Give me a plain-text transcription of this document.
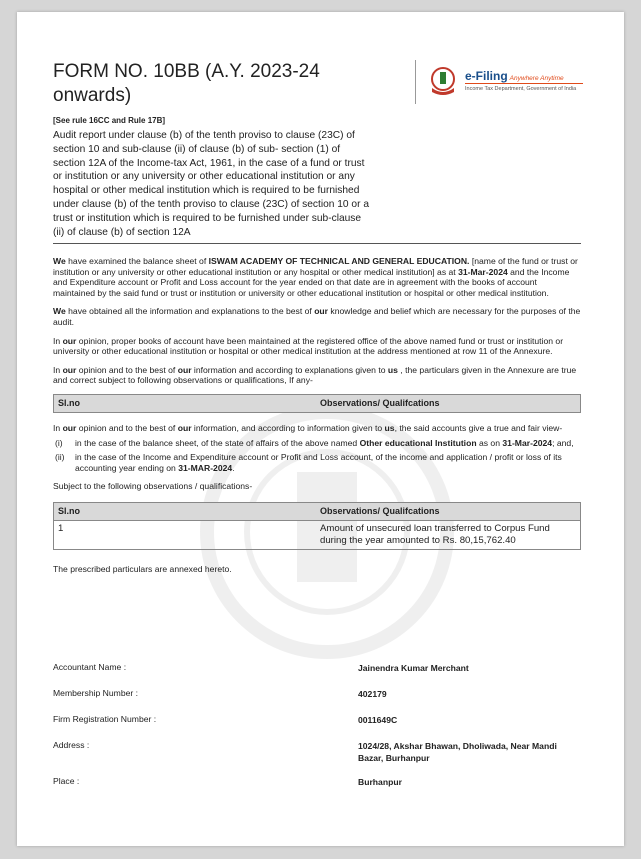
FORM NO. 10BB (A.Y. 2023-24 onwards)
[See rule 16CC and Rule 17B]
Audit report under clause (b) of the tenth proviso to clause (23C) of section 10 and sub-clause (ii) of clause (b) of sub- section (1) of section 12A of the Income-tax Act, 1961, in the case of a fund or trust or institution or any university or other educational institution or any hospital or other medical institution which is required to be furnished under clause (b) of the tenth proviso to clause (23C) of section 10 or a trust or institution which is required to be furnished under sub-clause (ii) of clause (b) of section 12A
e-Filing Anywhere Anytime
Income Tax Department, Government of India

We have examined the balance sheet of ISWAM ACADEMY OF TECHNICAL AND GENERAL EDUCATION. [name of the fund or trust or institution or any university or other educational institution or any hospital or other medical institution] as at 31-Mar-2024 and the Income and Expenditure account or Profit and Loss account for the year ended on that date are in agreement with the books of account maintained by the said fund or trust or institution or university or other educational institution or hospital or other medical institution.

We have obtained all the information and explanations to the best of our knowledge and belief which are necessary for the purposes of the audit.

In our opinion, proper books of account have been maintained at the registered office of the above named fund or trust or institution or university or other educational institution or hospital or other medical institution at the address mentioned at row 11 of the Annexure.

In our opinion and to the best of our information and according to explanations given to us , the particulars given in the Annexure are true and correct subject to following observations or qualifications, If any-

Sl.no	Observations/ Qualifcations

In our opinion and to the best of our information, and according to information given to us, the said accounts give a true and fair view-

(i) in the case of the balance sheet, of the state of affairs of the above named Other educational Institution as on 31-Mar-2024; and,
(ii) in the case of the Income and Expenditure account or Profit and Loss account, of the income and application / profit or loss of its accounting year ending on 31-MAR-2024.

Subject to the following observations / qualifications-

Sl.no	Observations/ Qualifcations
1	Amount of unsecured loan transferred to Corpus Fund during the year amounted to Rs. 80,15,762.40

The prescribed particulars are annexed hereto.

Accountant Name :	Jainendra Kumar Merchant
Membership Number :	402179
Firm Registration Number :	0011649C
Address :	1024/28, Akshar Bhawan, Dholiwada, Near Mandi Bazar, Burhanpur
Place :	Burhanpur
